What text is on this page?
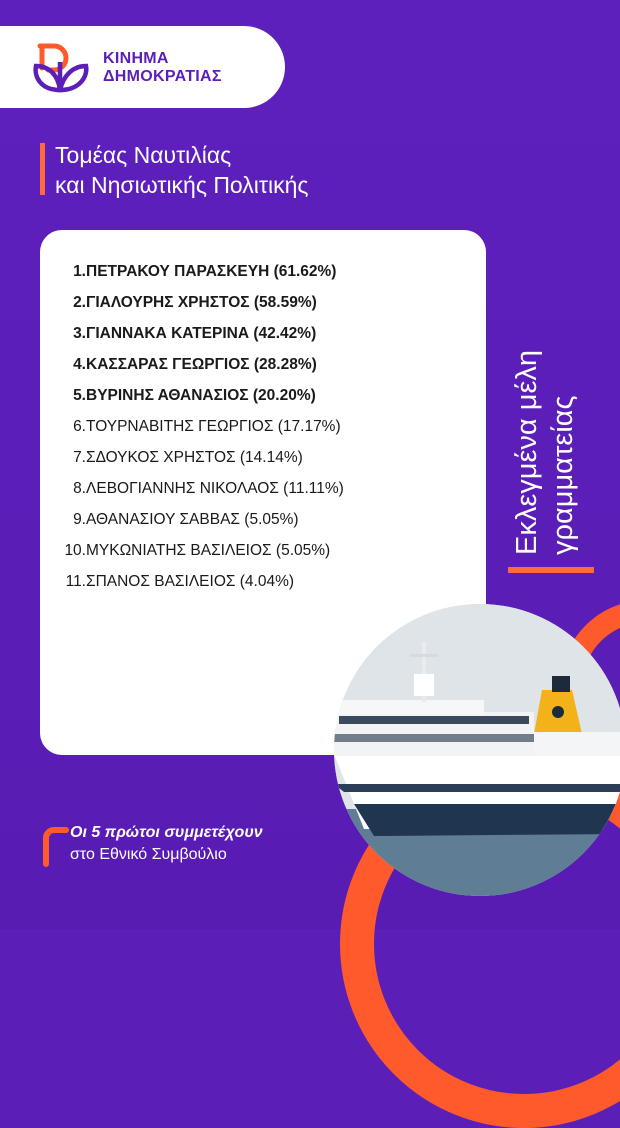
ΚΙΝΗΜΑ
ΔΗΜΟΚΡΑΤΙΑΣ
Τομέας Ναυτιλίας
και Νησιωτικής Πολιτικής
1.ΠΕΤΡΑΚΟΥ ΠΑΡΑΣΚΕΥΗ (61.62%)
2.ΓΙΑΛΟΥΡΗΣ ΧΡΗΣΤΟΣ (58.59%)
3.ΓΙΑΝΝΑΚΑ ΚΑΤΕΡΙΝΑ (42.42%)
4.ΚΑΣΣΑΡΑΣ ΓΕΩΡΓΙΟΣ (28.28%)
5.ΒΥΡΙΝΗΣ ΑΘΑΝΑΣΙΟΣ (20.20%)
6.ΤΟΥΡΝΑΒΙΤΗΣ ΓΕΩΡΓΙΟΣ (17.17%)
7.ΣΔΟΥΚΟΣ ΧΡΗΣΤΟΣ (14.14%)
8.ΛΕΒΟΓΙΑΝΝΗΣ ΝΙΚΟΛΑΟΣ (11.11%)
9.ΑΘΑΝΑΣΙΟΥ ΣΑΒΒΑΣ (5.05%)
10.ΜΥΚΩΝΙΑΤΗΣ ΒΑΣΙΛΕΙΟΣ (5.05%)
11.ΣΠΑΝΟΣ ΒΑΣΙΛΕΙΟΣ (4.04%)
Εκλεγμένα μέλη γραμματείας
Οι 5 πρώτοι συμμετέχουν
στο Εθνικό Συμβούλιο
